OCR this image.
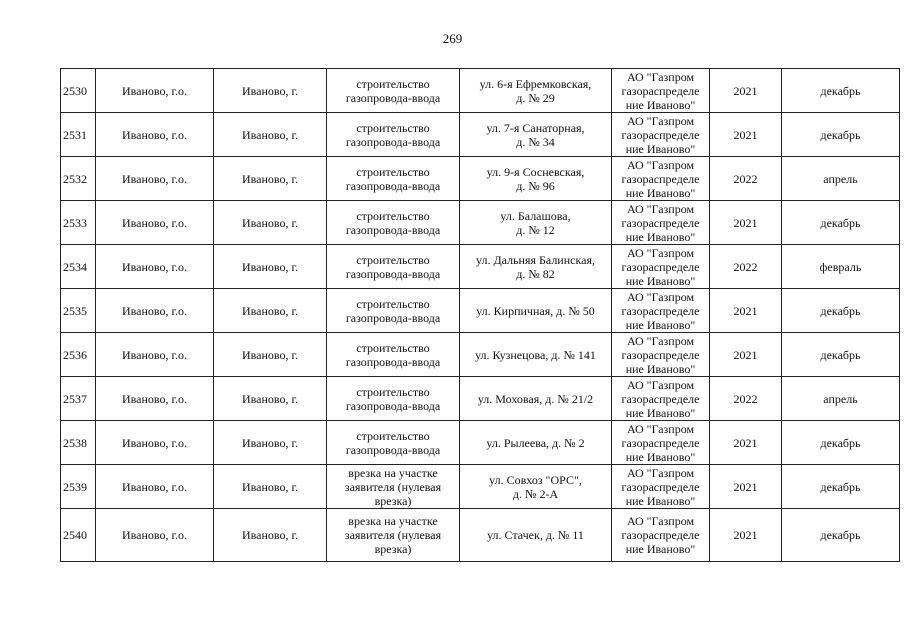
269
2530	Иваново, г.о.	Иваново, г.	строительство
газопровода-ввода	ул. 6-я Ефремковская,
д. № 29	АО "Газпром
газораспределе
ние Иваново"	2021	декабрь
2531	Иваново, г.о.	Иваново, г.	строительство
газопровода-ввода	ул. 7-я Санаторная,
д. № 34	АО "Газпром
газораспределе
ние Иваново"	2021	декабрь
2532	Иваново, г.о.	Иваново, г.	строительство
газопровода-ввода	ул. 9-я Сосневская,
д. № 96	АО "Газпром
газораспределе
ние Иваново"	2022	апрель
2533	Иваново, г.о.	Иваново, г.	строительство
газопровода-ввода	ул. Балашова,
д. № 12	АО "Газпром
газораспределе
ние Иваново"	2021	декабрь
2534	Иваново, г.о.	Иваново, г.	строительство
газопровода-ввода	ул. Дальняя Балинская,
д. № 82	АО "Газпром
газораспределе
ние Иваново"	2022	февраль
2535	Иваново, г.о.	Иваново, г.	строительство
газопровода-ввода	ул. Кирпичная, д. № 50	АО "Газпром
газораспределе
ние Иваново"	2021	декабрь
2536	Иваново, г.о.	Иваново, г.	строительство
газопровода-ввода	ул. Кузнецова, д. № 141	АО "Газпром
газораспределе
ние Иваново"	2021	декабрь
2537	Иваново, г.о.	Иваново, г.	строительство
газопровода-ввода	ул. Моховая, д. № 21/2	АО "Газпром
газораспределе
ние Иваново"	2022	апрель
2538	Иваново, г.о.	Иваново, г.	строительство
газопровода-ввода	ул. Рылеева, д. № 2	АО "Газпром
газораспределе
ние Иваново"	2021	декабрь
2539	Иваново, г.о.	Иваново, г.	врезка на участке
заявителя (нулевая
врезка)	ул. Совхоз "ОРС",
д. № 2-А	АО "Газпром
газораспределе
ние Иваново"	2021	декабрь
2540	Иваново, г.о.	Иваново, г.	врезка на участке
заявителя (нулевая
врезка)	ул. Стачек, д. № 11	АО "Газпром
газораспределе
ние Иваново"	2021	декабрь
